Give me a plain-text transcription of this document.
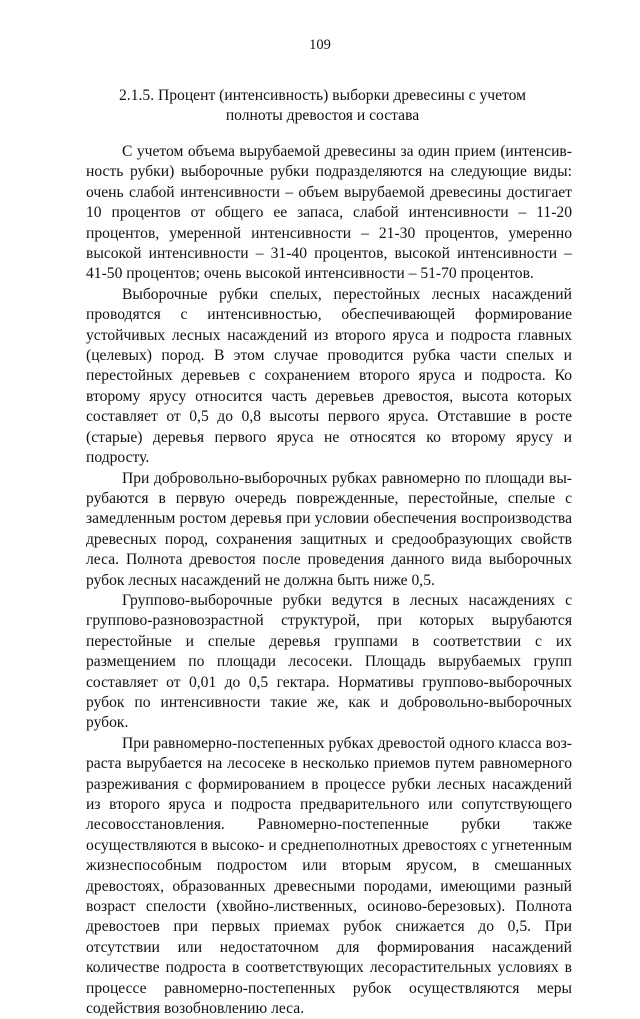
109
2.1.5. Процент (интенсивность) выборки древесины с учетом полноты древостоя и состава

С учетом объема вырубаемой древесины за один прием (интенсивность рубки) выборочные рубки подразделяются на следующие виды: очень слабой интенсивности – объем вырубаемой древесины достигает 10 процентов от общего ее запаса, слабой интенсивности – 11-20 процентов, умеренной интенсивности – 21-30 процентов, умеренно высокой интенсивности – 31-40 процентов, высокой интенсивности – 41-50 процентов; очень высокой интенсивности – 51-70 процентов.

Выборочные рубки спелых, перестойных лесных насаждений проводятся с интенсивностью, обеспечивающей формирование устойчивых лесных насаждений из второго яруса и подроста главных (целевых) пород. В этом случае проводится рубка части спелых и перестойных деревьев с сохранением второго яруса и подроста. Ко второму ярусу относится часть деревьев древостоя, высота которых составляет от 0,5 до 0,8 высоты первого яруса. Отставшие в росте (старые) деревья первого яруса не относятся ко второму ярусу и подросту.

При добровольно-выборочных рубках равномерно по площади вырубаются в первую очередь поврежденные, перестойные, спелые с замедленным ростом деревья при условии обеспечения воспроизводства древесных пород, сохранения защитных и средообразующих свойств леса. Полнота древостоя после проведения данного вида выборочных рубок лесных насаждений не должна быть ниже 0,5.

Группово-выборочные рубки ведутся в лесных насаждениях с группово-разновозрастной структурой, при которых вырубаются перестойные и спелые деревья группами в соответствии с их размещением по площади лесосеки. Площадь вырубаемых групп составляет от 0,01 до 0,5 гектара. Нормативы группово-выборочных рубок по интенсивности такие же, как и добровольно-выборочных рубок.

При равномерно-постепенных рубках древостой одного класса возраста вырубается на лесосеке в несколько приемов путем равномерного разреживания с формированием в процессе рубки лесных насаждений из второго яруса и подроста предварительного или сопутствующего лесовосстановления. Равномерно-постепенные рубки также осуществляются в высоко- и среднеполнотных древостоях с угнетенным жизнеспособным подростом или вторым ярусом, в смешанных древостоях, образованных древесными породами, имеющими разный возраст спелости (хвойно-лиственных, осиново-березовых). Полнота древостоев при первых приемах рубок снижается до 0,5. При отсутствии или недостаточном для формирования насаждений количестве подроста в соответствующих лесорастительных условиях в процессе равномерно-постепенных рубок осуществляются меры содействия возобновлению леса.
